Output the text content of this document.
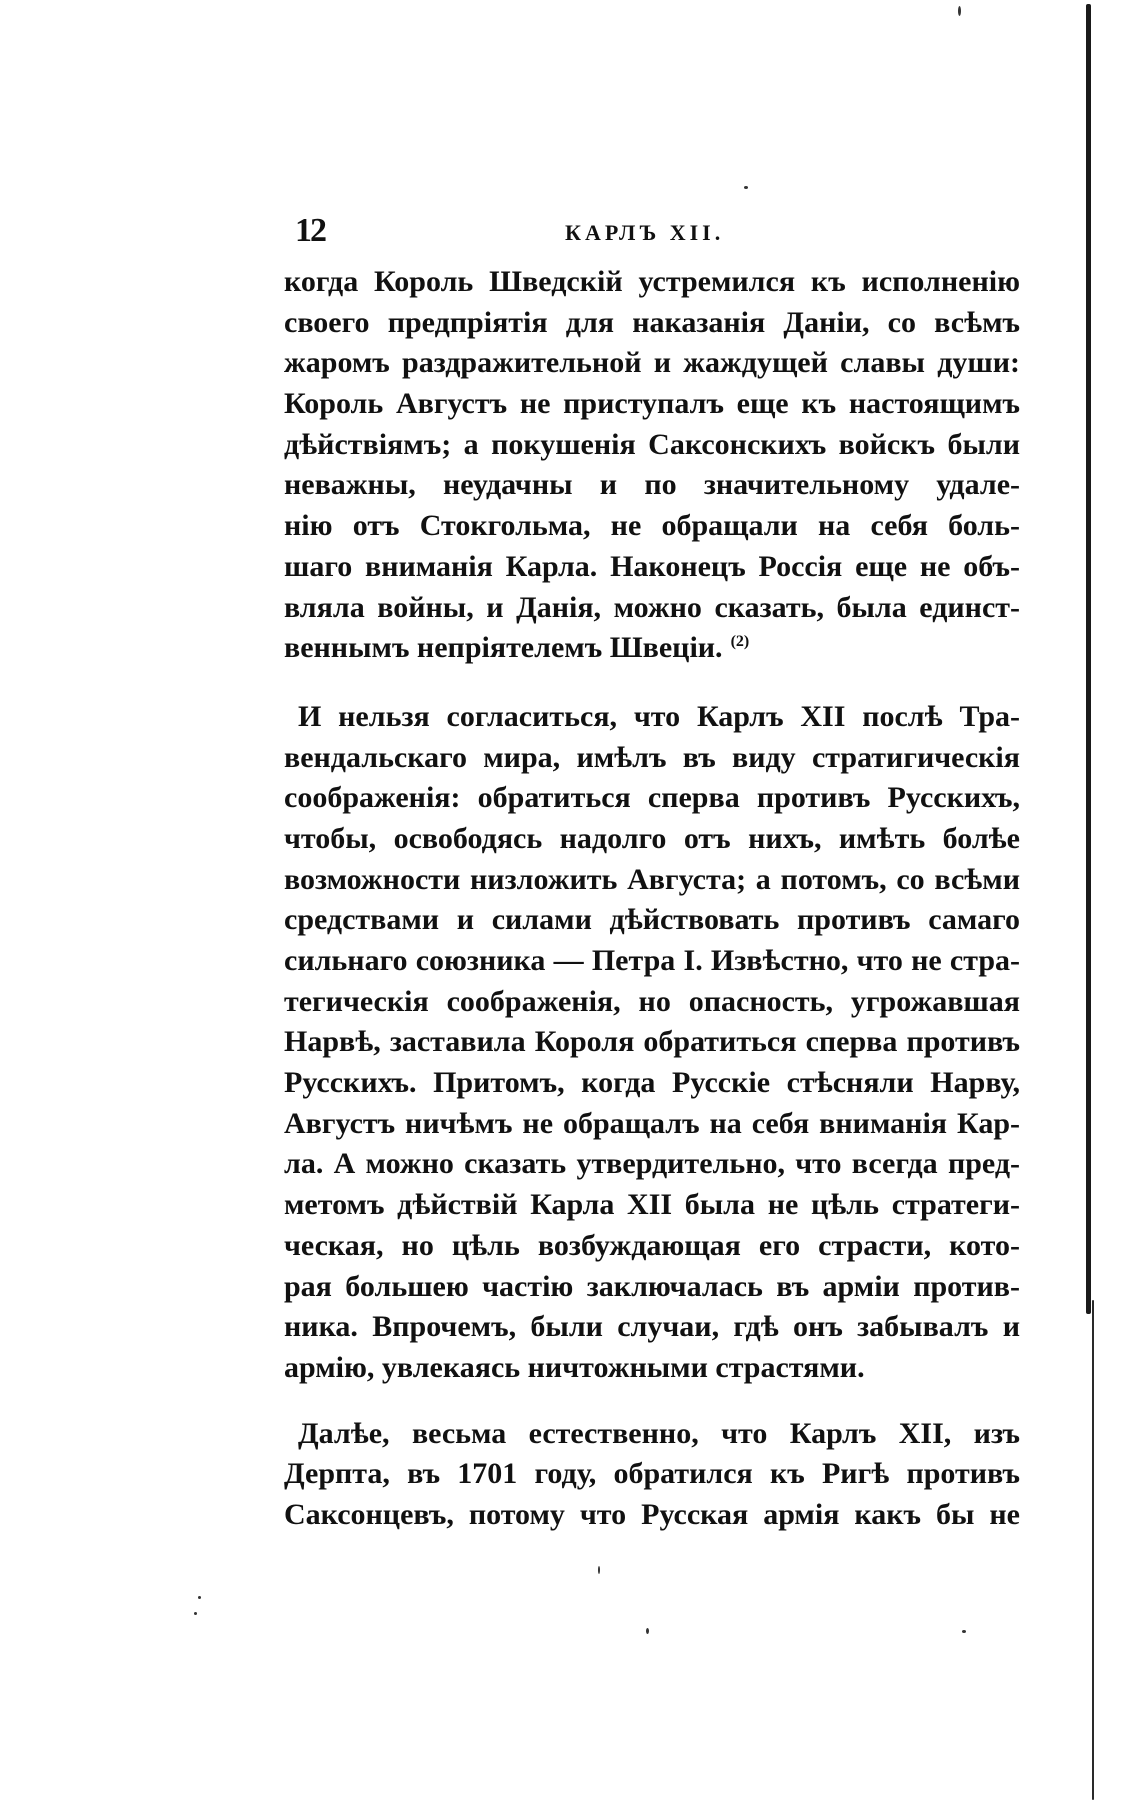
12	КАРЛЪ XII.
когда Король Шведскій устремился къ исполненію
своего предпріятія для наказанія Даніи, со всѣмъ
жаромъ раздражительной и жаждущей славы души:
Король Августъ не приступалъ еще къ настоящимъ
дѣйствіямъ; а покушенія Саксонскихъ войскъ были
неважны, неудачны и по значительному удале-
нію отъ Стокгольма, не обращали на себя боль-
шаго вниманія Карла. Наконецъ Россія еще не объ-
вляла войны, и Данія, можно сказать, была единст-
веннымъ непріятелемъ Швеціи. $^{(2)}$
И нельзя согласиться, что Карлъ XII послѣ Тра-
вендальскаго мира, имѣлъ въ виду стратигическія
соображенія: обратиться сперва противъ Русскихъ,
чтобы, освободясь надолго отъ нихъ, имѣть болѣе
возможности низложить Августа; а потомъ, со всѣми
средствами и силами дѣйствовать противъ самаго
сильнаго союзника — Петра I. Извѣстно, что не стра-
тегическія соображенія, но опасность, угрожавшая
Нарвѣ, заставила Короля обратиться сперва противъ
Русскихъ. Притомъ, когда Русскіе стѣсняли Нарву,
Августъ ничѣмъ не обращалъ на себя вниманія Кар-
ла. А можно сказать утвердительно, что всегда пред-
метомъ дѣйствій Карла XII была не цѣль стратеги-
ческая, но цѣль возбуждающая его страсти, кото-
рая большею частію заключалась въ арміи против-
ника. Впрочемъ, были случаи, гдѣ онъ забывалъ и
армію, увлекаясь ничтожными страстями.
Далѣе, весьма естественно, что Карлъ XII, изъ
Дерпта, въ 1701 году, обратился къ Ригѣ противъ
Саксонцевъ, потому что Русская армія какъ бы не
